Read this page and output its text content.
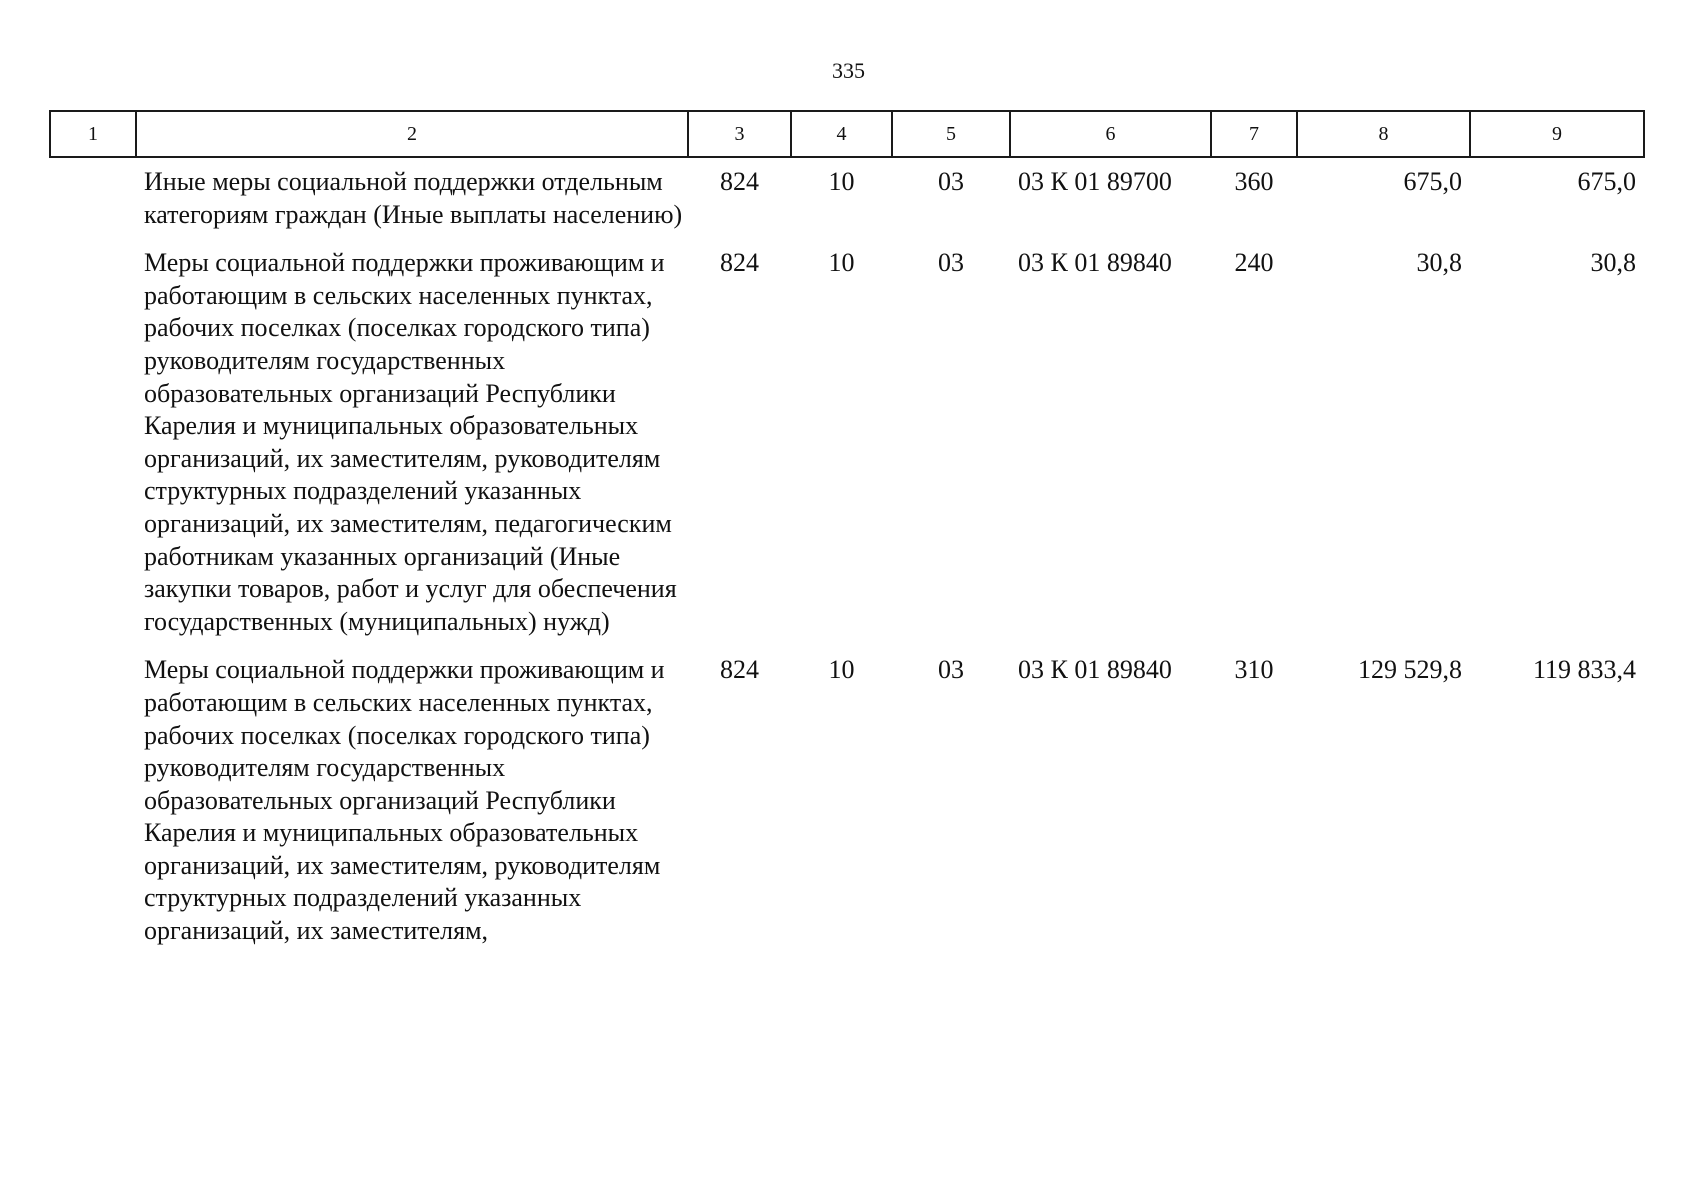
335
1	2	3	4	5	6	7	8	9
	Иные меры социальной поддержки отдельным категориям граждан (Иные выплаты населению)	824	10	03	03 К 01 89700	360	675,0	675,0
	Меры социальной поддержки проживающим и работающим в сельских населенных пунктах, рабочих поселках (поселках городского типа) руководителям государственных образовательных организаций Республики Карелия и муниципальных образовательных организаций, их заместителям, руководителям структурных подразделений указанных организаций, их заместителям, педагогическим работникам указанных организаций (Иные закупки товаров, работ и услуг для обеспечения государственных (муниципальных) нужд)	824	10	03	03 К 01 89840	240	30,8	30,8
	Меры социальной поддержки проживающим и работающим в сельских населенных пунктах, рабочих поселках (поселках городского типа) руководителям государственных образовательных организаций Республики Карелия и муниципальных образовательных организаций, их заместителям, руководителям структурных подразделений указанных организаций, их заместителям,	824	10	03	03 К 01 89840	310	129 529,8	119 833,4
